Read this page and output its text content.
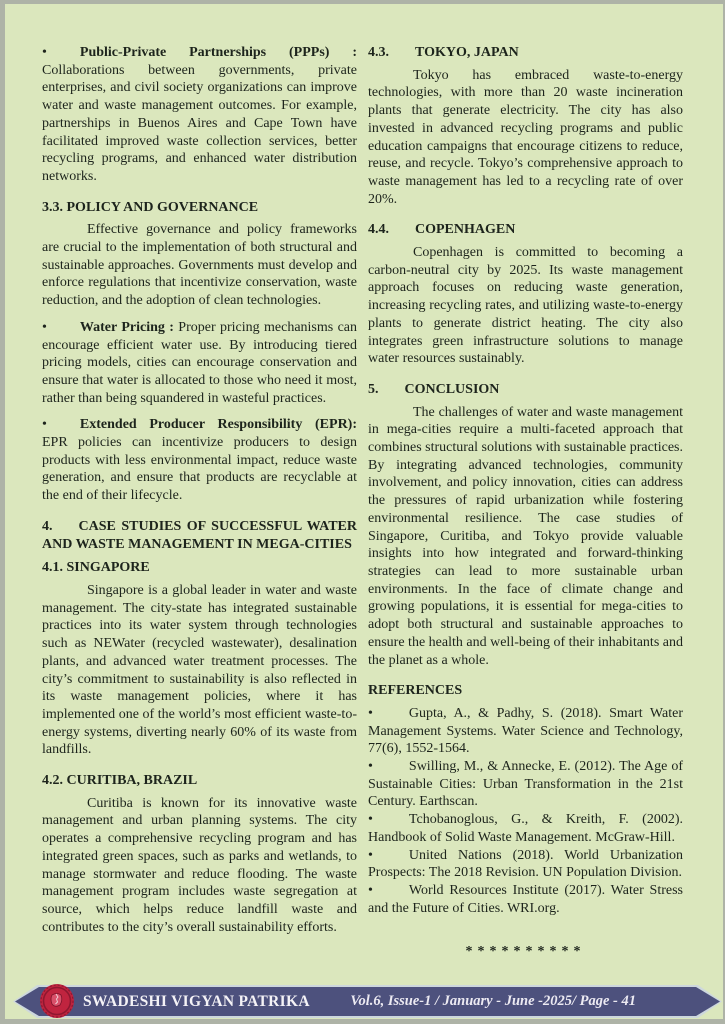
• Public-Private Partnerships (PPPs) : Collaborations between governments, private enterprises, and civil society organizations can improve water and waste management outcomes. For example, partnerships in Buenos Aires and Cape Town have facilitated improved waste collection services, better recycling programs, and enhanced water distribution networks.

3.3. POLICY AND GOVERNANCE

Effective governance and policy frameworks are crucial to the implementation of both structural and sustainable approaches. Governments must develop and enforce regulations that incentivize conservation, waste reduction, and the adoption of clean technologies.

• Water Pricing : Proper pricing mechanisms can encourage efficient water use. By introducing tiered pricing models, cities can encourage conservation and ensure that water is allocated to those who need it most, rather than being squandered in wasteful practices.

• Extended Producer Responsibility (EPR): EPR policies can incentivize producers to design products with less environmental impact, reduce waste generation, and ensure that products are recyclable at the end of their lifecycle.

4. CASE STUDIES OF SUCCESSFUL WATER AND WASTE MANAGEMENT IN MEGA-CITIES

4.1. SINGAPORE

Singapore is a global leader in water and waste management. The city-state has integrated sustainable practices into its water system through technologies such as NEWater (recycled wastewater), desalination plants, and advanced water treatment processes. The city’s commitment to sustainability is also reflected in its waste management policies, where it has implemented one of the world’s most efficient waste-to-energy systems, diverting nearly 60% of its waste from landfills.

4.2. CURITIBA, BRAZIL

Curitiba is known for its innovative waste management and urban planning systems. The city operates a comprehensive recycling program and has integrated green spaces, such as parks and wetlands, to manage stormwater and reduce flooding. The waste management program includes waste segregation at source, which helps reduce landfill waste and contributes to the city’s overall sustainability efforts.

4.3. TOKYO, JAPAN

Tokyo has embraced waste-to-energy technologies, with more than 20 waste incineration plants that generate electricity. The city has also invested in advanced recycling programs and public education campaigns that encourage citizens to reduce, reuse, and recycle. Tokyo’s comprehensive approach to waste management has led to a recycling rate of over 20%.

4.4. COPENHAGEN

Copenhagen is committed to becoming a carbon-neutral city by 2025. Its waste management approach focuses on reducing waste generation, increasing recycling rates, and utilizing waste-to-energy plants to generate district heating. The city also integrates green infrastructure solutions to manage water resources sustainably.

5. CONCLUSION

The challenges of water and waste management in mega-cities require a multi-faceted approach that combines structural solutions with sustainable practices. By integrating advanced technologies, community involvement, and policy innovation, cities can address the pressures of rapid urbanization while fostering environmental resilience. The case studies of Singapore, Curitiba, and Tokyo provide valuable insights into how integrated and forward-thinking strategies can lead to more sustainable urban environments. In the face of climate change and growing populations, it is essential for mega-cities to adopt both structural and sustainable approaches to ensure the health and well-being of their inhabitants and the planet as a whole.

REFERENCES

•	Gupta, A., & Padhy, S. (2018). Smart Water Management Systems. Water Science and Technology, 77(6), 1552-1564.

•	Swilling, M., & Annecke, E. (2012). The Age of Sustainable Cities: Urban Transformation in the 21st Century. Earthscan.

•	Tchobanoglous, G., & Kreith, F. (2002). Handbook of Solid Waste Management. McGraw-Hill.

•	United Nations (2018). World Urbanization Prospects: The 2018 Revision. UN Population Division.

•	World Resources Institute (2017). Water Stress and the Future of Cities. WRI.org.

**********

SWADESHI VIGYAN PATRIKA	Vol.6, Issue-1 / January - June -2025/ Page - 41
